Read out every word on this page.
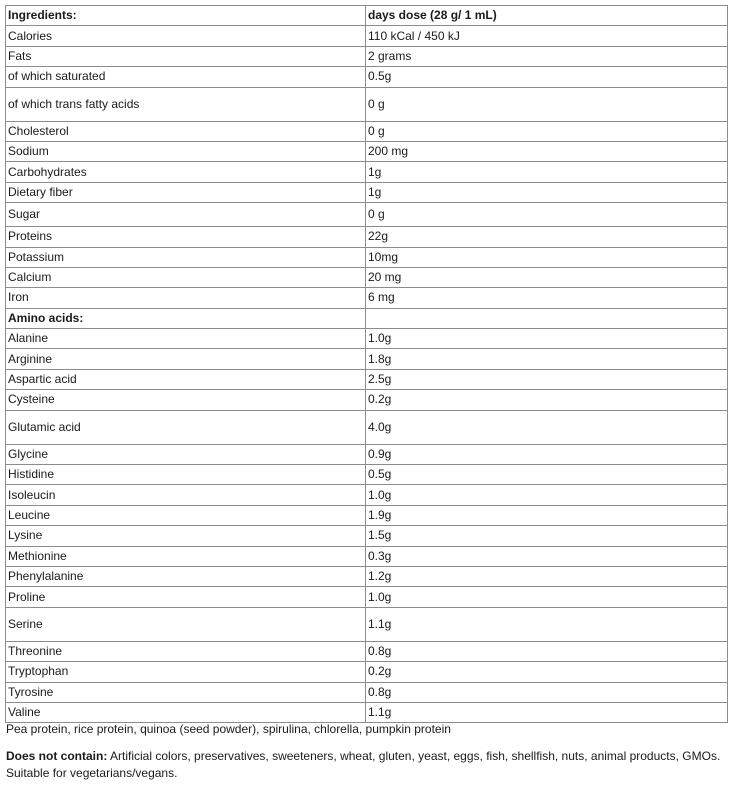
Ingredients:	days dose (28 g/ 1 mL)
Calories	110 kCal / 450 kJ
Fats	2 grams
of which saturated	0.5g
of which trans fatty acids	0 g
Cholesterol	0 g
Sodium	200 mg
Carbohydrates	1g
Dietary fiber	1g
Sugar	0 g
Proteins	22g
Potassium	10mg
Calcium	20 mg
Iron	6 mg
Amino acids:	
Alanine	1.0g
Arginine	1.8g
Aspartic acid	2.5g
Cysteine	0.2g
Glutamic acid	4.0g
Glycine	0.9g
Histidine	0.5g
Isoleucin	1.0g
Leucine	1.9g
Lysine	1.5g
Methionine	0.3g
Phenylalanine	1.2g
Proline	1.0g
Serine	1.1g
Threonine	0.8g
Tryptophan	0.2g
Tyrosine	0.8g
Valine	1.1g
Pea protein, rice protein, quinoa (seed powder), spirulina, chlorella, pumpkin protein
Does not contain: Artificial colors, preservatives, sweeteners, wheat, gluten, yeast, eggs, fish, shellfish, nuts, animal products, GMOs. Suitable for vegetarians/vegans.
